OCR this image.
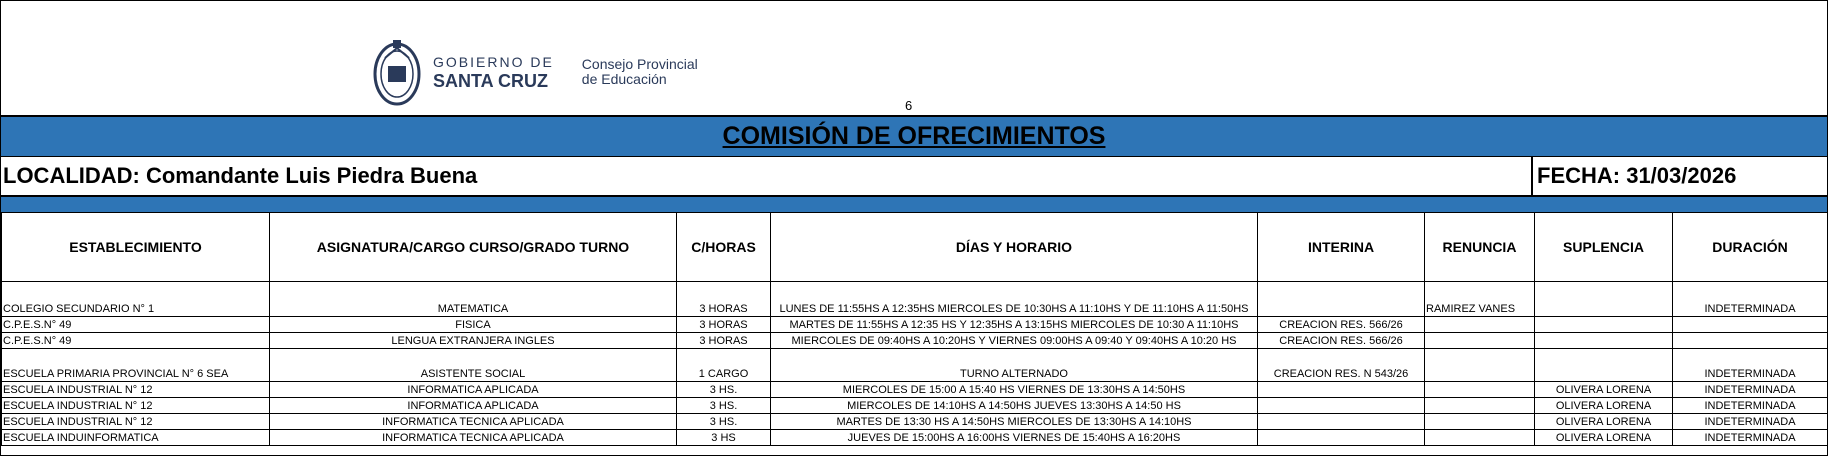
GOBIERNO DE
SANTA CRUZ
Consejo Provincial
de Educación
6
COMISIÓN DE OFRECIMIENTOS
LOCALIDAD: Comandante Luis Piedra Buena	FECHA: 31/03/2026
ESTABLECIMIENTO	ASIGNATURA/CARGO CURSO/GRADO TURNO	C/HORAS	DÍAS Y HORARIO	INTERINA	RENUNCIA	SUPLENCIA	DURACIÓN
COLEGIO SECUNDARIO N° 1	MATEMATICA	3 HORAS	LUNES DE 11:55HS A 12:35HS MIERCOLES DE 10:30HS A 11:10HS Y DE 11:10HS A 11:50HS		RAMIREZ VANES		INDETERMINADA
C.P.E.S.N° 49	FISICA	3 HORAS	MARTES DE 11:55HS A 12:35 HS Y 12:35HS A 13:15HS MIERCOLES DE 10:30 A 11:10HS	CREACION RES. 566/26			
C.P.E.S.N° 49	LENGUA EXTRANJERA INGLES	3 HORAS	MIERCOLES DE 09:40HS A 10:20HS Y VIERNES 09:00HS A 09:40 Y 09:40HS A 10:20 HS	CREACION RES. 566/26			
ESCUELA PRIMARIA PROVINCIAL N° 6 SEA	ASISTENTE SOCIAL	1 CARGO	TURNO ALTERNADO	CREACION RES. N 543/26			INDETERMINADA
ESCUELA INDUSTRIAL N° 12	INFORMATICA APLICADA	3 HS.	MIERCOLES DE 15:00 A 15:40 HS VIERNES DE 13:30HS A 14:50HS			OLIVERA LORENA	INDETERMINADA
ESCUELA INDUSTRIAL N° 12	INFORMATICA APLICADA	3 HS.	MIERCOLES DE 14:10HS A 14:50HS JUEVES 13:30HS A 14:50 HS			OLIVERA LORENA	INDETERMINADA
ESCUELA INDUSTRIAL N° 12	INFORMATICA TECNICA APLICADA	3 HS.	MARTES DE 13:30 HS A 14:50HS MIERCOLES DE 13:30HS A 14:10HS			OLIVERA LORENA	INDETERMINADA
ESCUELA INDUINFORMATICA	INFORMATICA TECNICA APLICADA	3 HS	JUEVES DE 15:00HS A 16:00HS VIERNES DE 15:40HS A 16:20HS			OLIVERA LORENA	INDETERMINADA
